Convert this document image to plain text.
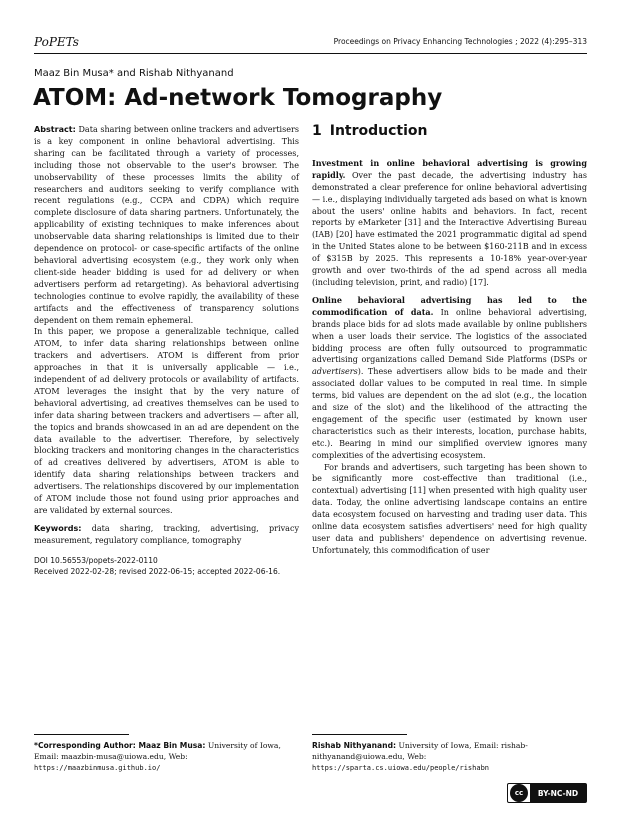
PoPETs	Proceedings on Privacy Enhancing Technologies ; 2022 (4):295–313
Maaz Bin Musa* and Rishab Nithyanand
ATOM: Ad-network Tomography

Abstract: Data sharing between online trackers and advertisers is a key component in online behavioral advertising. This sharing can be facilitated through a variety of processes, including those not observable to the user's browser. The unobservability of these processes limits the ability of researchers and auditors seeking to verify compliance with recent regulations (e.g., CCPA and CDPA) which require complete disclosure of data sharing partners. Unfortunately, the applicability of existing techniques to make inferences about unobservable data sharing relationships is limited due to their dependence on protocol- or case-specific artifacts of the online behavioral advertising ecosystem (e.g., they work only when client-side header bidding is used for ad delivery or when advertisers perform ad retargeting). As behavioral advertising technologies continue to evolve rapidly, the availability of these artifacts and the effectiveness of transparency solutions dependent on them remain ephemeral.

In this paper, we propose a generalizable technique, called ATOM, to infer data sharing relationships between online trackers and advertisers. ATOM is different from prior approaches in that it is universally applicable — i.e., independent of ad delivery protocols or availability of artifacts. ATOM leverages the insight that by the very nature of behavioral advertising, ad creatives themselves can be used to infer data sharing between trackers and advertisers — after all, the topics and brands showcased in an ad are dependent on the data available to the advertiser. Therefore, by selectively blocking trackers and monitoring changes in the characteristics of ad creatives delivered by advertisers, ATOM is able to identify data sharing relationships between trackers and advertisers. The relationships discovered by our implementation of ATOM include those not found using prior approaches and are validated by external sources.

Keywords: data sharing, tracking, advertising, privacy measurement, regulatory compliance, tomography

DOI 10.56553/popets-2022-0110
Received 2022-02-28; revised 2022-06-15; accepted 2022-06-16.
1 Introduction

Investment in online behavioral advertising is growing rapidly. Over the past decade, the advertising industry has demonstrated a clear preference for online behavioral advertising — i.e., displaying individually targeted ads based on what is known about the users' online habits and behaviors. In fact, recent reports by eMarketer [31] and the Interactive Advertising Bureau (IAB) [20] have estimated the 2021 programmatic digital ad spend in the United States alone to be between $160-211B and in excess of $315B by 2025. This represents a 10-18% year-over-year growth and over two-thirds of the ad spend across all media (including television, print, and radio) [17].

Online behavioral advertising has led to the commodification of data. In online behavioral advertising, brands place bids for ad slots made available by online publishers when a user loads their service. The logistics of the associated bidding process are often fully outsourced to programmatic advertising organizations called Demand Side Platforms (DSPs or advertisers). These advertisers allow bids to be made and their associated dollar values to be computed in real time. In simple terms, bid values are dependent on the ad slot (e.g., the location and size of the slot) and the likelihood of the attracting the engagement of the specific user (estimated by known user characteristics such as their interests, location, purchase habits, etc.). Bearing in mind our simplified overview ignores many complexities of the advertising ecosystem.

For brands and advertisers, such targeting has been shown to be significantly more cost-effective than traditional (i.e., contextual) advertising [11] when presented with high quality user data. Today, the online advertising landscape contains an entire data ecosystem focused on harvesting and trading user data. This online data ecosystem satisfies advertisers' need for high quality user data and publishers' dependence on advertising revenue. Unfortunately, this commodification of user

*Corresponding Author: Maaz Bin Musa: University of Iowa, Email: maazbin-musa@uiowa.edu, Web: https://maazbinmusa.github.io/
Rishab Nithyanand: University of Iowa, Email: rishab-nithyanand@uiowa.edu, Web: https://sparta.cs.uiowa.edu/people/rishabn
cc	BY-NC-ND
